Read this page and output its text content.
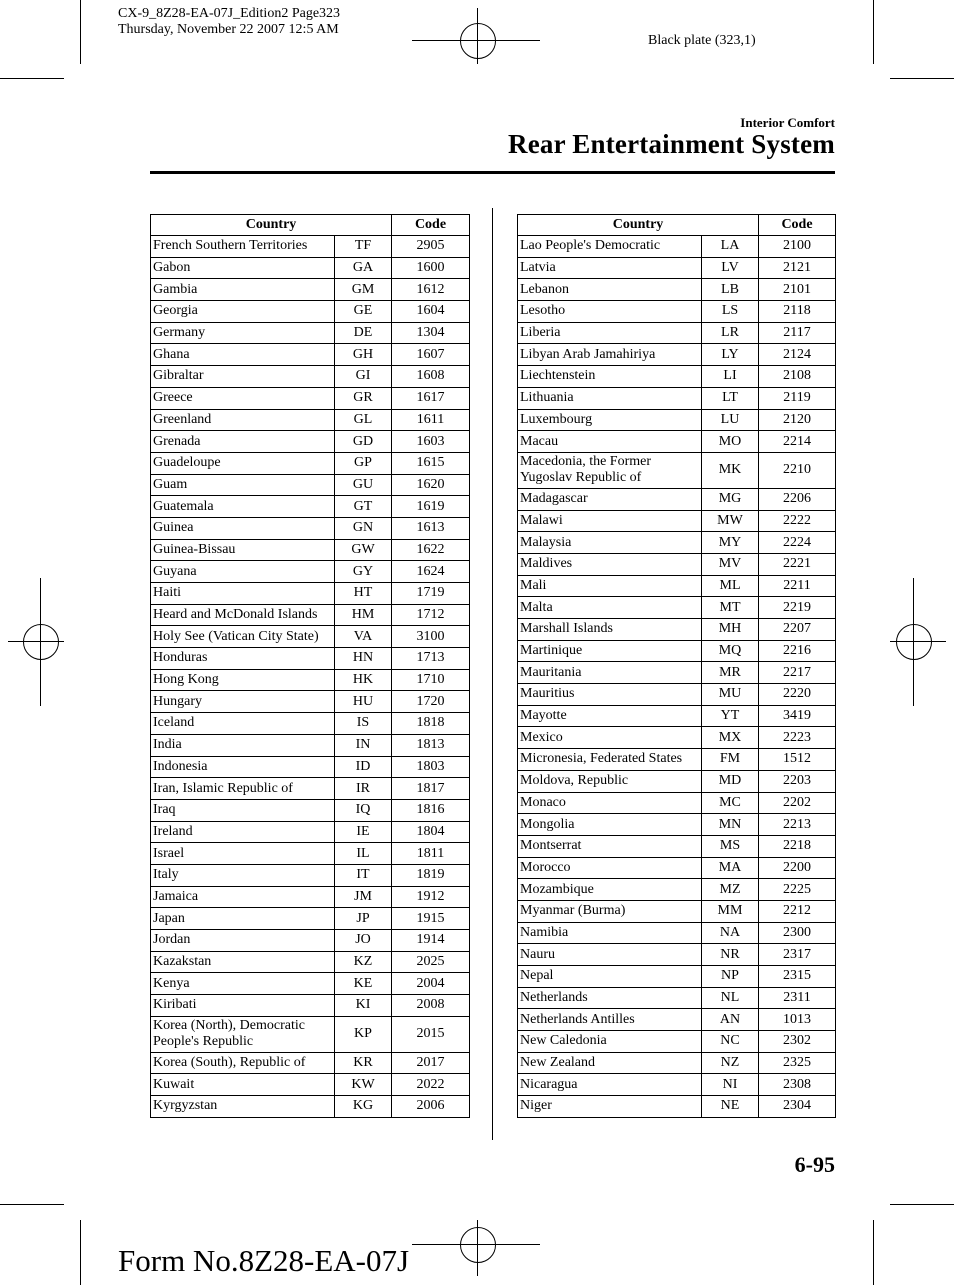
CX-9_8Z28-EA-07J_Edition2 Page323
Thursday, November 22 2007 12:5 AM
Black plate (323,1)
Interior Comfort
Rear Entertainment System
Country		Code
French Southern Territories	TF	2905
Gabon	GA	1600
Gambia	GM	1612
Georgia	GE	1604
Germany	DE	1304
Ghana	GH	1607
Gibraltar	GI	1608
Greece	GR	1617
Greenland	GL	1611
Grenada	GD	1603
Guadeloupe	GP	1615
Guam	GU	1620
Guatemala	GT	1619
Guinea	GN	1613
Guinea-Bissau	GW	1622
Guyana	GY	1624
Haiti	HT	1719
Heard and McDonald Islands	HM	1712
Holy See (Vatican City State)	VA	3100
Honduras	HN	1713
Hong Kong	HK	1710
Hungary	HU	1720
Iceland	IS	1818
India	IN	1813
Indonesia	ID	1803
Iran, Islamic Republic of	IR	1817
Iraq	IQ	1816
Ireland	IE	1804
Israel	IL	1811
Italy	IT	1819
Jamaica	JM	1912
Japan	JP	1915
Jordan	JO	1914
Kazakstan	KZ	2025
Kenya	KE	2004
Kiribati	KI	2008
Korea (North), Democratic People's Republic	KP	2015
Korea (South), Republic of	KR	2017
Kuwait	KW	2022
Kyrgyzstan	KG	2006
Country		Code
Lao People's Democratic	LA	2100
Latvia	LV	2121
Lebanon	LB	2101
Lesotho	LS	2118
Liberia	LR	2117
Libyan Arab Jamahiriya	LY	2124
Liechtenstein	LI	2108
Lithuania	LT	2119
Luxembourg	LU	2120
Macau	MO	2214
Macedonia, the Former Yugoslav Republic of	MK	2210
Madagascar	MG	2206
Malawi	MW	2222
Malaysia	MY	2224
Maldives	MV	2221
Mali	ML	2211
Malta	MT	2219
Marshall Islands	MH	2207
Martinique	MQ	2216
Mauritania	MR	2217
Mauritius	MU	2220
Mayotte	YT	3419
Mexico	MX	2223
Micronesia, Federated States	FM	1512
Moldova, Republic	MD	2203
Monaco	MC	2202
Mongolia	MN	2213
Montserrat	MS	2218
Morocco	MA	2200
Mozambique	MZ	2225
Myanmar (Burma)	MM	2212
Namibia	NA	2300
Nauru	NR	2317
Nepal	NP	2315
Netherlands	NL	2311
Netherlands Antilles	AN	1013
New Caledonia	NC	2302
New Zealand	NZ	2325
Nicaragua	NI	2308
Niger	NE	2304
6-95
Form No.8Z28-EA-07J
